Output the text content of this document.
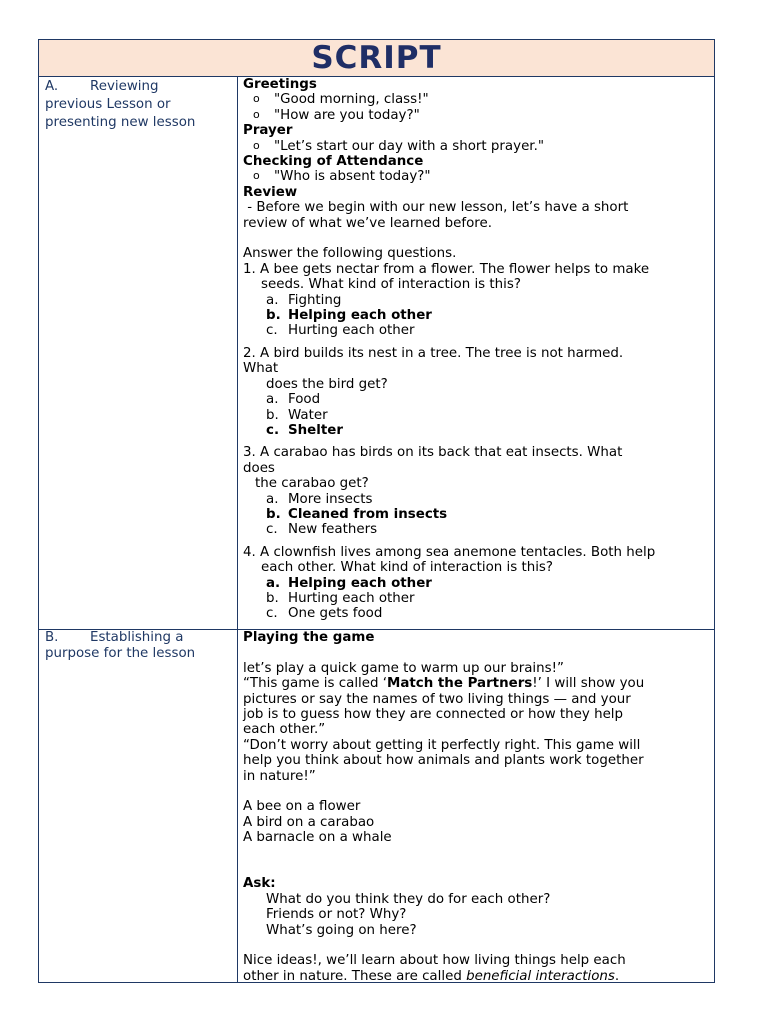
SCRIPT
A. Reviewing
previous Lesson or
presenting new lesson
Greetings
o "Good morning, class!"
o "How are you today?"
Prayer
o "Let’s start our day with a short prayer."
Checking of Attendance
o "Who is absent today?"
Review
- Before we begin with our new lesson, let’s have a short
review of what we’ve learned before.
Answer the following questions.
1. A bee gets nectar from a flower. The flower helps to make
seeds. What kind of interaction is this?
a. Fighting
b. Helping each other
c. Hurting each other
2. A bird builds its nest in a tree. The tree is not harmed.
What
does the bird get?
a. Food
b. Water
c. Shelter
3. A carabao has birds on its back that eat insects. What
does
the carabao get?
a. More insects
b. Cleaned from insects
c. New feathers
4. A clownfish lives among sea anemone tentacles. Both help
each other. What kind of interaction is this?
a. Helping each other
b. Hurting each other
c. One gets food
B. Establishing a
purpose for the lesson
Playing the game
let’s play a quick game to warm up our brains!”
“This game is called ‘Match the Partners!’ I will show you
pictures or say the names of two living things — and your
job is to guess how they are connected or how they help
each other.”
“Don’t worry about getting it perfectly right. This game will
help you think about how animals and plants work together
in nature!”
A bee on a flower
A bird on a carabao
A barnacle on a whale
Ask:
What do you think they do for each other?
Friends or not? Why?
What’s going on here?
Nice ideas!, we’ll learn about how living things help each
other in nature. These are called beneficial interactions.
